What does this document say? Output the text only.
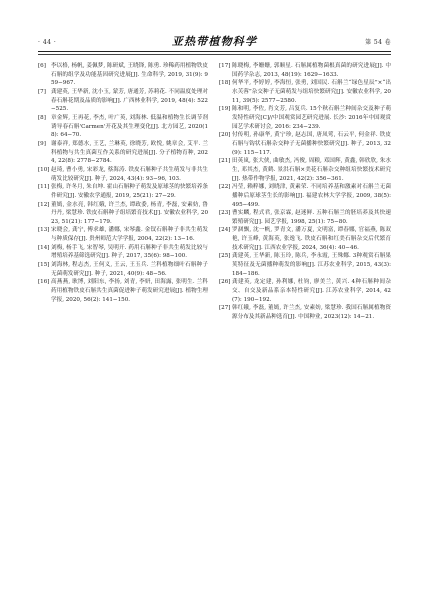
· 44 ·	亚热带植物科学	第 54 卷
[6] 李以格, 杨帆, 姜佩梦, 陈研斌, 王晓锋, 陈勇. 珍稀药用植物铁皮石斛的组学及功能基因研究进展[J]. 生命科学, 2019, 31(9): 959−967.
[7] 龚建英, 王华新, 沈小玉, 蒙芳, 唐通芳, 苏莉花. 不同温度处理对春石斛花期及品质的影响[J]. 广西林业科学, 2019, 48(4): 522−525.
[8] 章金辉, 王再花, 李杰, 叶广英, 刘海林. 低温和植物生长调节剂诱导春石斛'Carmen'开花及其生理变化[J]. 北方园艺, 2020(18): 64−70.
[9] 谢泰祥, 郑德水, 王艺, 兰琳英, 徐晓芳, 欧悦, 姚章会, 艾平. 兰科植物与共生真菌互作关系的研究进展[J]. 分子植物育种, 2024, 22(8): 2778−2784.
[10] 赵琦, 曹小勇, 宋彩龙, 蔡海涛. 铁皮石斛种子共生萌发与非共生萌发比较研究[J]. 种子, 2024, 43(4): 93−96, 103.
[11] 张梅, 许冬月, 朱自坤. 霍山石斛种子萌发及原球茎的快繁培养条件研究[J]. 安徽农学通报, 2019, 25(21): 27−29.
[12] 董嫣, 金水亮, 韩红娥, 许兰杰, 谭政委, 杨青, 李磊, 安素妨, 鲁丹丹, 梁慧珍. 铁皮石斛种子组培繁育技术[J]. 安徽农业科学, 2023, 51(21): 177−179.
[13] 宋晓会, 龚宁, 傅求雄, 潘娜, 宋琴鑫. 金钗石斛种子非共生萌发与种质保存[J]. 贵州师范大学学报, 2004, 22(2): 13−16.
[14] 刘梅, 杨手飞, 宋智琴, 吴明开. 药用石斛种子非共生萌发比较与增殖培养基筛选研究[J]. 种子, 2017, 35(6): 98−100.
[15] 刘海林, 程志杰, 王何义, 王云, 王玉兵. 兰科植物细叶石斛种子无菌萌发研究[J]. 种子, 2021, 40(9): 48−56.
[16] 高燕燕, 耿博, 刘阳东, 李扬, 刘青, 李妍, 田海露, 张明生. 兰科药用植物铁皮石斛共生真菌促进种子萌发研究进展[J]. 植物生理学报, 2020, 56(2): 141−150.
[17] 陈晓梅, 李姗姗, 郭顺星. 石斛属植物菌根真菌的研究进展[J]. 中国药学杂志, 2013, 48(19): 1629−1633.
[18] 何华平, 李婷婷, 李海恒, 张勇, 刘国民. 石斛兰“绿色星辰”×“出水芙蓉”杂交种子无菌萌发与组培快繁研究[J]. 安徽农业科学, 2011, 39(5): 2577−2580.
[19] 陈和明, 李佐, 肖文芳, 吕复兵. 15个秋石斛兰种间杂交及种子萌发特性研究[C]//中国观赏园艺研究进展. 长沙: 2016年中国观赏园艺学术研讨会, 2016: 234−239.
[20] 付传明, 孙康华, 黄宁珍, 赵志国, 唐凤莺, 石云平, 何金祥. 铁皮石斛与钩状石斛杂交种子无菌播种快繁研究[J]. 种子, 2013, 32(9): 115−117.
[21] 田英岚, 张大侠, 曲敏杰, 冯俊, 周粮, 邓国辉, 黄鑫, 韩欣欣, 朱水生, 邓其杰, 黄鹤. 景洪石斛×美花石斛杂交种组培快繁技术研究[J]. 热带作物学报, 2021, 42(2): 356−361.
[22] 冯莹, 赖粹娜, 刘晓津, 黄素荣. 不同培养基和激素对石斛兰无菌播种后原球茎生长的影响[J]. 福建农林大学学报, 2009, 38(5): 495−499.
[23] 曹实麟, 程式君, 张京霖, 赵迷鲜. 五种石斛兰的胚培养及其快速繁殖研究[J]. 园艺学报, 1998, 25(1): 75−80.
[24] 罗涸飘, 沈一帆, 罗青文, 潘万夏, 文明富, 谭春娜, 官福燕, 陈双艳, 许玉峰, 黄海英, 张逸飞. 铁皮石斛和红美石斛杂交后代繁育技术研究[J]. 江西农业学报, 2024, 36(4): 40−46.
[25] 龚建英, 王华新, 陈玉玲, 陈兵, 李永霞, 王殊娜. 3种观赏石斛果荚特征及无菌播种萌发的影响[J]. 江苏农业科学, 2015, 43(3): 184−186.
[26] 龚建英, 龙定建, 孙利娜, 杜钧, 廖美兰, 黄兴. 4种石斛种间杂交、自交及新品系亲本特性研究[J]. 江苏农业科学, 2014, 42(7): 190−192.
[27] 韩红娥, 李磊, 董嫣, 许兰杰, 安素妨, 梁慧珍. 我国石斛属植物资源分布及其新品种选育[J]. 中国种业, 2023(12): 14−21.
